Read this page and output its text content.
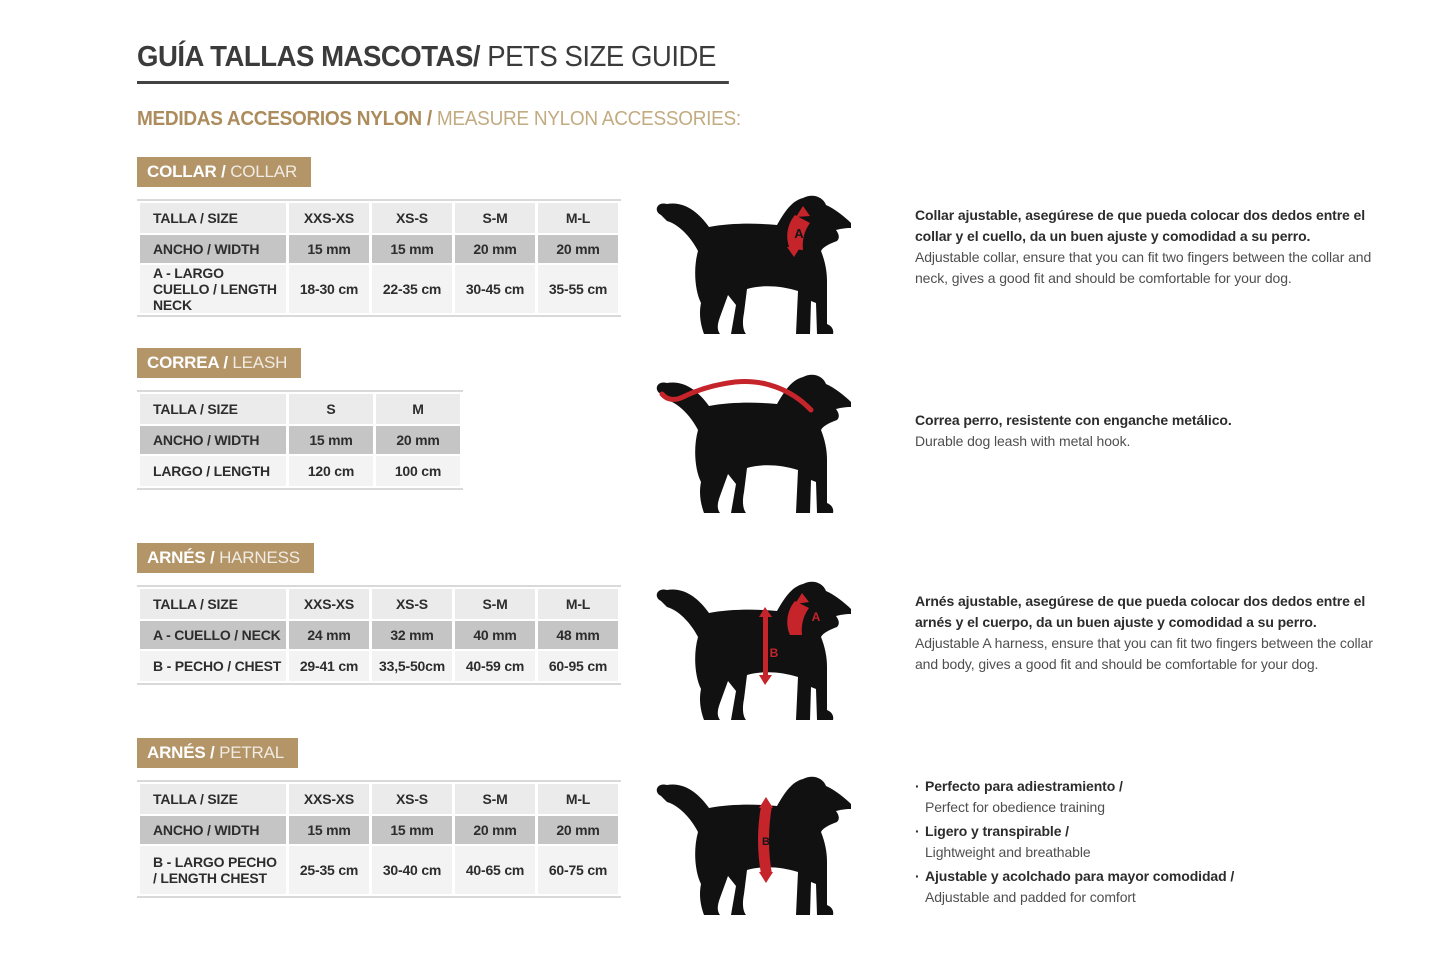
GUÍA TALLAS MASCOTAS/ PETS SIZE GUIDE
MEDIDAS ACCESORIOS NYLON / MEASURE NYLON ACCESSORIES:
COLLAR / COLLAR
TALLA / SIZE	XXS-XS	XS-S	S-M	M-L
ANCHO / WIDTH	15 mm	15 mm	20 mm	20 mm
A - LARGO CUELLO / LENGTH NECK	18-30 cm	22-35 cm	30-45 cm	35-55 cm
A

Collar ajustable, asegúrese de que pueda colocar dos dedos entre el collar y el cuello, da un buen ajuste y comodidad a su perro.

Adjustable collar, ensure that you can fit two fingers between the collar and neck, gives a good fit and should be comfortable for your dog.

CORREA / LEASH
TALLA / SIZE	S	M
ANCHO / WIDTH	15 mm	20 mm
LARGO / LENGTH	120 cm	100 cm

Correa perro, resistente con enganche metálico.

Durable dog leash with metal hook.

ARNÉS / HARNESS
TALLA / SIZE	XXS-XS	XS-S	S-M	M-L
A - CUELLO / NECK	24 mm	32 mm	40 mm	48 mm
B - PECHO / CHEST	29-41 cm	33,5-50cm	40-59 cm	60-95 cm
A
B

Arnés ajustable, asegúrese de que pueda colocar dos dedos entre el arnés y el cuerpo, da un buen ajuste y comodidad a su perro.

Adjustable A harness, ensure that you can fit two fingers between the collar and body, gives a good fit and should be comfortable for your dog.

ARNÉS / PETRAL
TALLA / SIZE	XXS-XS	XS-S	S-M	M-L
ANCHO / WIDTH	15 mm	15 mm	20 mm	20 mm
B - LARGO PECHO / LENGTH CHEST	25-35 cm	30-40 cm	40-65 cm	60-75 cm
B
· Perfecto para adiestramiento /

Perfect for obedience training

· Ligero y transpirable /

Lightweight and breathable

· Ajustable y acolchado para mayor comodidad /

Adjustable and padded for comfort
